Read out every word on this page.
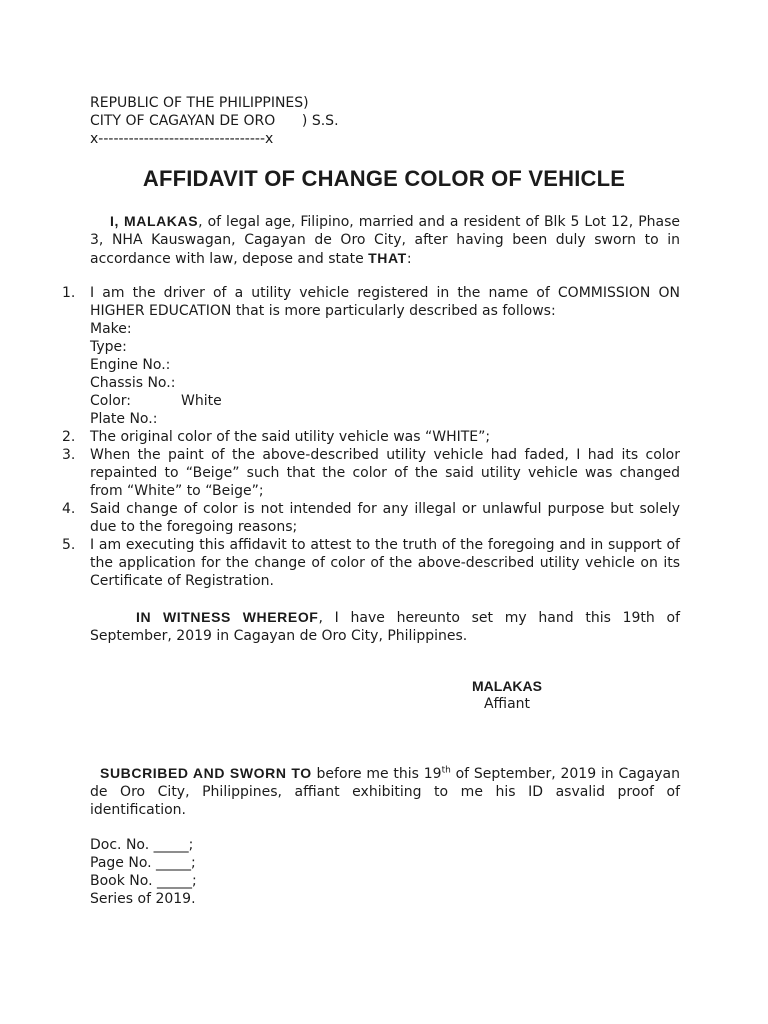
REPUBLIC OF THE PHILIPPINES)
CITY OF CAGAYAN DE ORO      ) S.S.
x---------------------------------x
AFFIDAVIT OF CHANGE COLOR OF VEHICLE
I, MALAKAS, of legal age, Filipino, married and a resident of Blk 5 Lot 12, Phase 3, NHA Kauswagan, Cagayan de Oro City, after having been duly sworn to in accordance with law, depose and state THAT:
1.	I am the driver of a utility vehicle registered in the name of COMMISSION ON HIGHER EDUCATION that is more particularly described as follows:
Make:
Type:
Engine No.:
Chassis No.:
Color:	White
Plate No.:
2.	The original color of the said utility vehicle was “WHITE”;
3.	When the paint of the above-described utility vehicle had faded, I had its color repainted to “Beige” such that the color of the said utility vehicle was changed from “White” to “Beige”;
4.	Said change of color is not intended for any illegal or unlawful purpose but solely due to the foregoing reasons;
5.	I am executing this affidavit to attest to the truth of the foregoing and in support of the application for the change of color of the above-described utility vehicle on its Certificate of Registration.
IN WITNESS WHEREOF, I have hereunto set my hand this 19th of September, 2019 in Cagayan de Oro City, Philippines.
MALAKAS
Affiant
SUBCRIBED AND SWORN TO before me this 19th of September, 2019 in Cagayan de Oro City, Philippines, affiant exhibiting to me his ID asvalid proof of identification.
Doc. No. _____;
Page No. _____;
Book No. _____;
Series of 2019.
